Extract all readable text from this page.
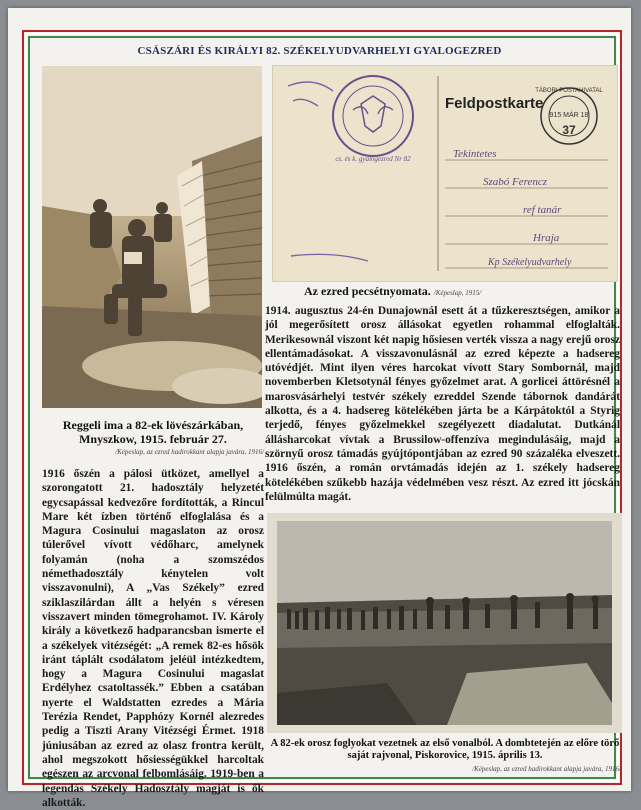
CSÁSZÁRI ÉS KIRÁLYI 82. SZÉKELYUDVARHELYI GYALOGEZRED
Reggeli ima a 82-ek lövészárkában, Mnyszkow, 1915. február 27.
/Képeslap, az ezred hadirokkant alapja javára, 1916/
cs. és k. gyalogezred Nr 82
Feldpostkarte
TÁBORI POSTAHIVATAL
915 MÁR 18
37
Tekintetes
Szabó Ferencz
ref tanár
Hraja
Kp Székelyudvarhely
Az ezred pecsétnyomata. /Képeslap, 1915/
1914. augusztus 24-én Dunajownál esett át a tűzkeresztségen, amikor a jól megerősített orosz állásokat egyetlen rohammal elfoglalták. Merikesownál viszont két napig hősiesen verték vissza a nagy erejű orosz ellentámadásokat. A visszavonulásnál az ezred képezte a hadsereg utóvédjét. Mint ilyen véres harcokat vívott Stary Sombornál, majd novemberben Kletsotynál fényes győzelmet arat. A gorlicei áttörésnél a marosvásárhelyi testvér székely ezreddel Szende tábornok dandárát alkotta, és a 4. hadsereg kötelékében járta be a Kárpátoktól a Styrig terjedő, fényes győzelmekkel szegélyezett diadalutat. Dutkánál állásharcokat vívtak a Brussilow-offenzíva megindulásáig, majd a szörnyű orosz támadás gyújtópontjában az ezred 90 százaléka elveszett. 1916 őszén, a román orvtámadás idején az 1. székely hadsereg kötelékében szűkebb hazája védelmében vesz részt. Az ezred itt jócskán felülmúlta magát.
1916 őszén a pálosi ütközet, amellyel a szorongatott 21. hadosztály helyzetét egycsapással kedvezőre fordították, a Rincul Mare két ízben történő elfoglalása és a Magura Cosinului magaslaton az orosz túlerővel vívott védőharc, amelynek folyamán (noha a szomszédos némethadosztály kénytelen volt visszavonulni), A „Vas Székely” ezred sziklaszilárdan állt a helyén s véresen visszavert minden tömegrohamot. IV. Károly király a következő hadparancsban ismerte el a székelyek vitézségét: „A remek 82-es hősök iránt táplált csodálatom jeléül intézkedtem, hogy a Magura Cosinului magaslat Erdélyhez csatoltassék.” Ebben a csatában nyerte el Waldstatten ezredes a Mária Terézia Rendet, Papphózy Kornél alezredes pedig a Tiszti Arany Vitézségi Érmet. 1918 júniusában az ezred az olasz frontra került, ahol megszokott hősiességükkel harcoltak egészen az arcvonal felbomlásáig. 1919-ben a legendás Székely Hadosztály magját is ők alkották.
A 82-ek orosz foglyokat vezetnek az első vonalból. A dombtetején az előre törő saját rajvonal, Piskorovice, 1915. április 13.
/Képeslap, az ezred hadirokkant alapja javára, 1916/
